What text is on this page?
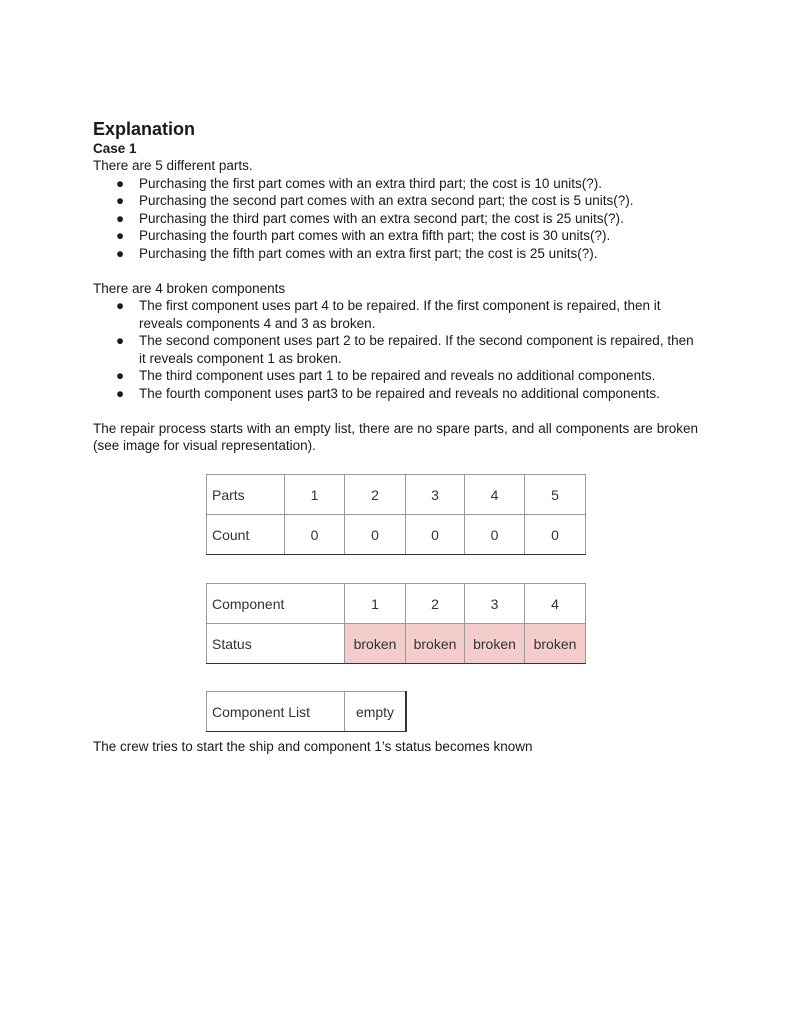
Explanation

Case 1

There are 5 different parts.

● Purchasing the first part comes with an extra third part; the cost is 10 units(?).
● Purchasing the second part comes with an extra second part; the cost is 5 units(?).
● Purchasing the third part comes with an extra second part; the cost is 25 units(?).
● Purchasing the fourth part comes with an extra fifth part; the cost is 30 units(?).
● Purchasing the fifth part comes with an extra first part; the cost is 25 units(?).

There are 4 broken components

● The first component uses part 4 to be repaired. If the first component is repaired, then it reveals components 4 and 3 as broken.
● The second component uses part 2 to be repaired. If the second component is repaired, then it reveals component 1 as broken.
● The third component uses part 1 to be repaired and reveals no additional components.
● The fourth component uses part3 to be repaired and reveals no additional components.

The repair process starts with an empty list, there are no spare parts, and all components are broken (see image for visual representation).

Parts	1	2	3	4	5
Count	0	0	0	0	0
Component	1	2	3	4
Status	broken	broken	broken	broken
Component List	empty

The crew tries to start the ship and component 1’s status becomes known
